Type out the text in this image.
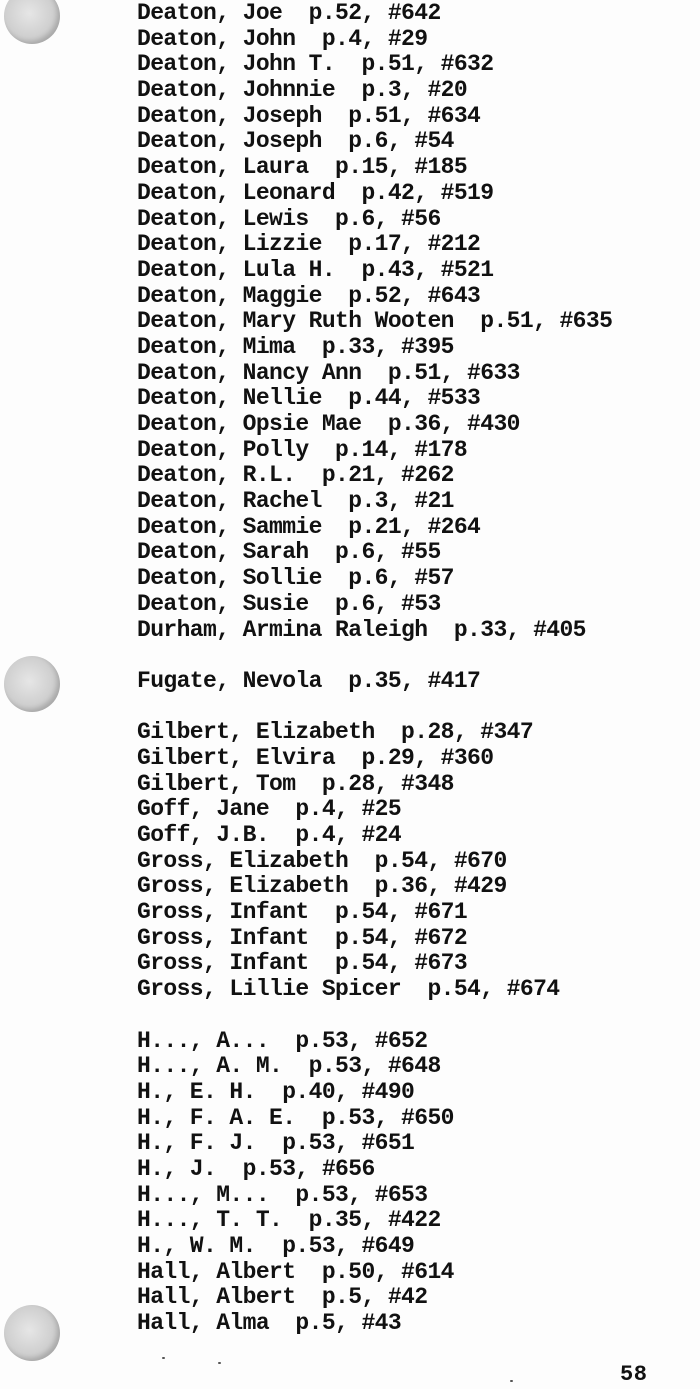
Deaton, Joe  p.52, #642
Deaton, John  p.4, #29
Deaton, John T.  p.51, #632
Deaton, Johnnie  p.3, #20
Deaton, Joseph  p.51, #634
Deaton, Joseph  p.6, #54
Deaton, Laura  p.15, #185
Deaton, Leonard  p.42, #519
Deaton, Lewis  p.6, #56
Deaton, Lizzie  p.17, #212
Deaton, Lula H.  p.43, #521
Deaton, Maggie  p.52, #643
Deaton, Mary Ruth Wooten  p.51, #635
Deaton, Mima  p.33, #395
Deaton, Nancy Ann  p.51, #633
Deaton, Nellie  p.44, #533
Deaton, Opsie Mae  p.36, #430
Deaton, Polly  p.14, #178
Deaton, R.L.  p.21, #262
Deaton, Rachel  p.3, #21
Deaton, Sammie  p.21, #264
Deaton, Sarah  p.6, #55
Deaton, Sollie  p.6, #57
Deaton, Susie  p.6, #53
Durham, Armina Raleigh  p.33, #405
Fugate, Nevola  p.35, #417
Gilbert, Elizabeth  p.28, #347
Gilbert, Elvira  p.29, #360
Gilbert, Tom  p.28, #348
Goff, Jane  p.4, #25
Goff, J.B.  p.4, #24
Gross, Elizabeth  p.54, #670
Gross, Elizabeth  p.36, #429
Gross, Infant  p.54, #671
Gross, Infant  p.54, #672
Gross, Infant  p.54, #673
Gross, Lillie Spicer  p.54, #674
H..., A...  p.53, #652
H..., A. M.  p.53, #648
H., E. H.  p.40, #490
H., F. A. E.  p.53, #650
H., F. J.  p.53, #651
H., J.  p.53, #656
H..., M...  p.53, #653
H..., T. T.  p.35, #422
H., W. M.  p.53, #649
Hall, Albert  p.50, #614
Hall, Albert  p.5, #42
Hall, Alma  p.5, #43
58
